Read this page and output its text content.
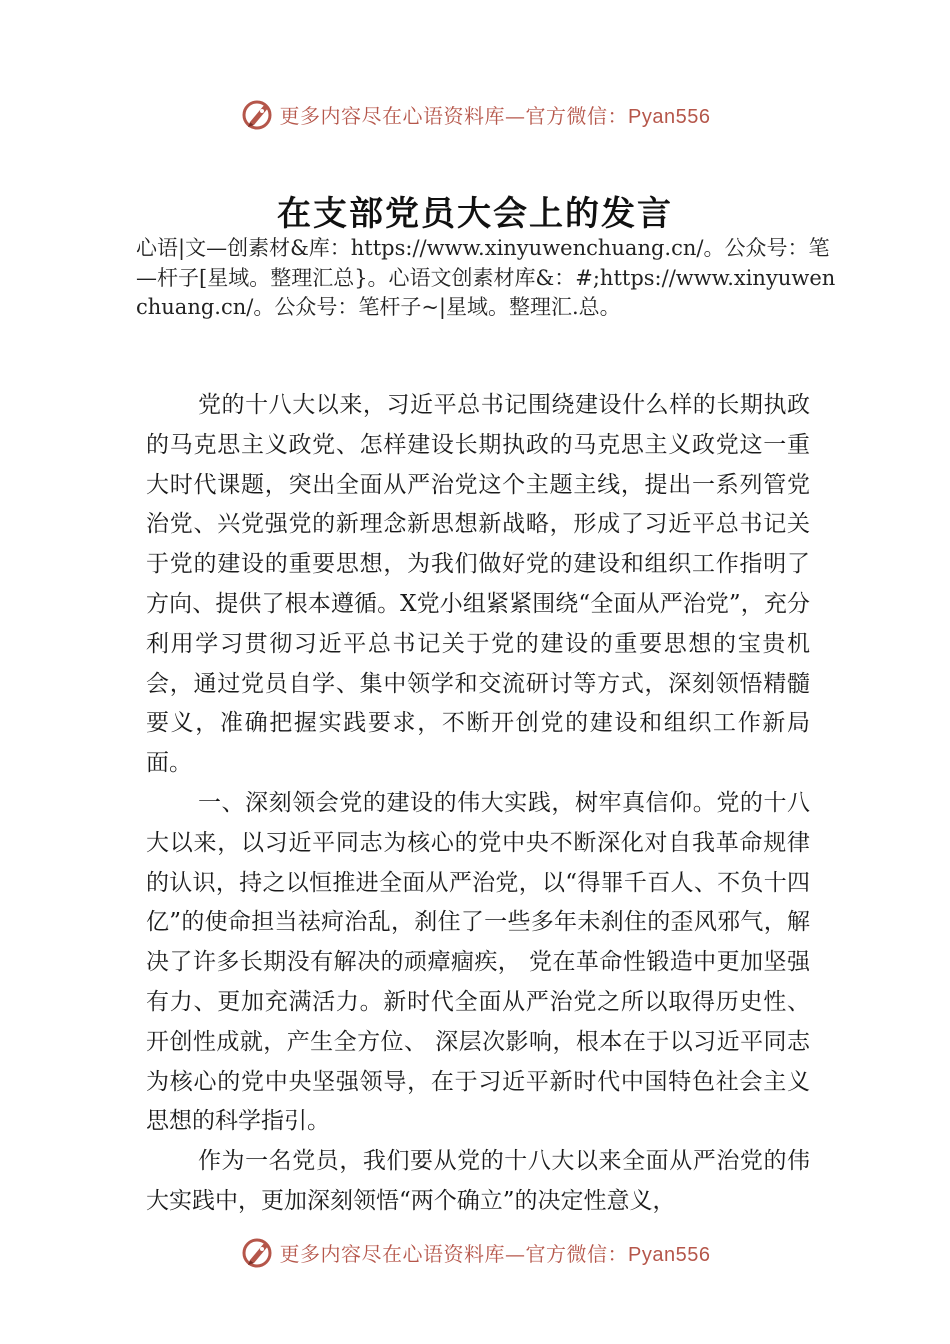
更多内容尽在心语资料库—官方微信：Pyan556
在支部党员大会上的发言
心语|文—创素材&库：https://www.xinyuwenchuang.cn/。公众号：笔—杆子[星域。整理汇总}。心语文创素材库&：#;https://www.xinyuwenchuang.cn/。公众号：笔杆子~|星域。整理汇.总。

党的十八大以来，习近平总书记围绕建设什么样的长期执政的马克思主义政党、怎样建设长期执政的马克思主义政党这一重大时代课题，突出全面从严治党这个主题主线，提出一系列管党治党、兴党强党的新理念新思想新战略，形成了习近平总书记关于党的建设的重要思想，为我们做好党的建设和组织工作指明了方向、提供了根本遵循。X党小组紧紧围绕“全面从严治党”，充分利用学习贯彻习近平总书记关于党的建设的重要思想的宝贵机会，通过党员自学、集中领学和交流研讨等方式，深刻领悟精髓要义，准确把握实践要求，不断开创党的建设和组织工作新局面。

一、深刻领会党的建设的伟大实践，树牢真信仰。党的十八大以来，以习近平同志为核心的党中央不断深化对自我革命规律的认识，持之以恒推进全面从严治党，以“得罪千百人、不负十四亿”的使命担当祛疴治乱，刹住了一些多年未刹住的歪风邪气，解决了许多长期没有解决的顽瘴痼疾， 党在革命性锻造中更加坚强有力、更加充满活力。新时代全面从严治党之所以取得历史性、开创性成就，产生全方位、 深层次影响，根本在于以习近平同志为核心的党中央坚强领导，在于习近平新时代中国特色社会主义思想的科学指引。

作为一名党员，我们要从党的十八大以来全面从严治党的伟大实践中，更加深刻领悟“两个确立”的决定性意义，

更多内容尽在心语资料库—官方微信：Pyan556
